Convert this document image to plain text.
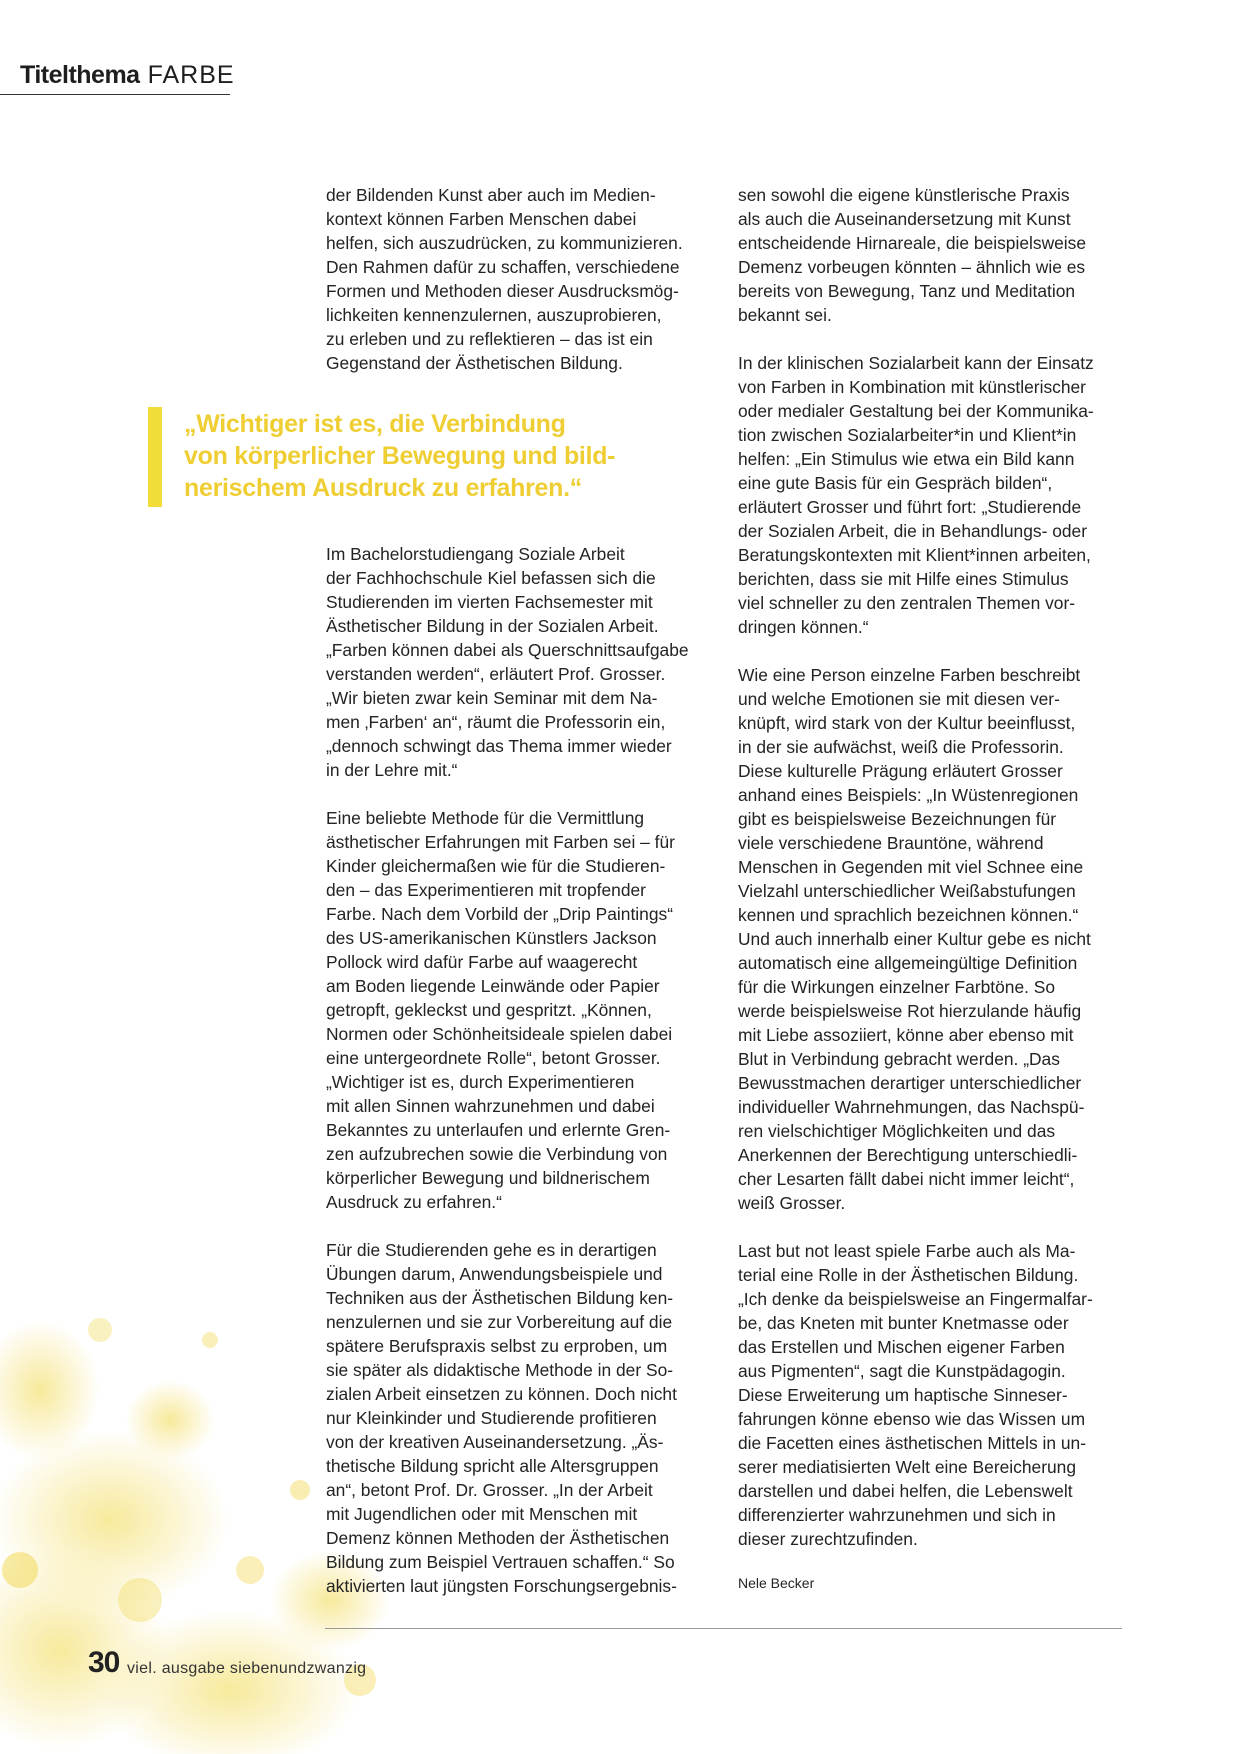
Titelthema FARBE

der Bildenden Kunst aber auch im Medien-
kontext können Farben Menschen dabei
helfen, sich auszudrücken, zu kommunizieren.
Den Rahmen dafür zu schaffen, verschiedene
Formen und Methoden dieser Ausdrucksmög-
lichkeiten kennenzulernen, auszuprobieren,
zu erleben und zu reflektieren – das ist ein
Gegenstand der Ästhetischen Bildung.

„Wichtiger ist es, die Verbindung
von körperlicher Bewegung und bild-
nerischem Ausdruck zu erfahren.“

Im Bachelorstudiengang Soziale Arbeit
der Fachhochschule Kiel befassen sich die
Studierenden im vierten Fachsemester mit
Ästhetischer Bildung in der Sozialen Arbeit.
„Farben können dabei als Querschnittsaufgabe
verstanden werden“, erläutert Prof. Grosser.
„Wir bieten zwar kein Seminar mit dem Na-
men ‚Farben‘ an“, räumt die Professorin ein,
„dennoch schwingt das Thema immer wieder
in der Lehre mit.“

Eine beliebte Methode für die Vermittlung
ästhetischer Erfahrungen mit Farben sei – für
Kinder gleichermaßen wie für die Studieren-
den – das Experimentieren mit tropfender
Farbe. Nach dem Vorbild der „Drip Paintings“
des US-amerikanischen Künstlers Jackson
Pollock wird dafür Farbe auf waagerecht
am Boden liegende Leinwände oder Papier
getropft, gekleckst und gespritzt. „Können,
Normen oder Schönheitsideale spielen dabei
eine untergeordnete Rolle“, betont Grosser.
„Wichtiger ist es, durch Experimentieren
mit allen Sinnen wahrzunehmen und dabei
Bekanntes zu unterlaufen und erlernte Gren-
zen aufzubrechen sowie die Verbindung von
körperlicher Bewegung und bildnerischem
Ausdruck zu erfahren.“

Für die Studierenden gehe es in derartigen
Übungen darum, Anwendungsbeispiele und
Techniken aus der Ästhetischen Bildung ken-
nenzulernen und sie zur Vorbereitung auf die
spätere Berufspraxis selbst zu erproben, um
sie später als didaktische Methode in der So-
zialen Arbeit einsetzen zu können. Doch nicht
nur Kleinkinder und Studierende profitieren
von der kreativen Auseinandersetzung. „Äs-
thetische Bildung spricht alle Altersgruppen
an“, betont Prof. Dr. Grosser. „In der Arbeit
mit Jugendlichen oder mit Menschen mit
Demenz können Methoden der Ästhetischen
Bildung zum Beispiel Vertrauen schaffen.“ So
aktivierten laut jüngsten Forschungsergebnis-

sen sowohl die eigene künstlerische Praxis
als auch die Auseinandersetzung mit Kunst
entscheidende Hirnareale, die beispielsweise
Demenz vorbeugen könnten – ähnlich wie es
bereits von Bewegung, Tanz und Meditation
bekannt sei.

In der klinischen Sozialarbeit kann der Einsatz
von Farben in Kombination mit künstlerischer
oder medialer Gestaltung bei der Kommunika-
tion zwischen Sozialarbeiter*in und Klient*in
helfen: „Ein Stimulus wie etwa ein Bild kann
eine gute Basis für ein Gespräch bilden“,
erläutert Grosser und führt fort: „Studierende
der Sozialen Arbeit, die in Behandlungs- oder
Beratungskontexten mit Klient*innen arbeiten,
berichten, dass sie mit Hilfe eines Stimulus
viel schneller zu den zentralen Themen vor-
dringen können.“

Wie eine Person einzelne Farben beschreibt
und welche Emotionen sie mit diesen ver-
knüpft, wird stark von der Kultur beeinflusst,
in der sie aufwächst, weiß die Professorin.
Diese kulturelle Prägung erläutert Grosser
anhand eines Beispiels: „In Wüstenregionen
gibt es beispielsweise Bezeichnungen für
viele verschiedene Brauntöne, während
Menschen in Gegenden mit viel Schnee eine
Vielzahl unterschiedlicher Weißabstufungen
kennen und sprachlich bezeichnen können.“
Und auch innerhalb einer Kultur gebe es nicht
automatisch eine allgemeingültige Definition
für die Wirkungen einzelner Farbtöne. So
werde beispielsweise Rot hierzulande häufig
mit Liebe assoziiert, könne aber ebenso mit
Blut in Verbindung gebracht werden. „Das
Bewusstmachen derartiger unterschiedlicher
individueller Wahrnehmungen, das Nachspü-
ren vielschichtiger Möglichkeiten und das
Anerkennen der Berechtigung unterschiedli-
cher Lesarten fällt dabei nicht immer leicht“,
weiß Grosser.

Last but not least spiele Farbe auch als Ma-
terial eine Rolle in der Ästhetischen Bildung.
„Ich denke da beispielsweise an Fingermalfar-
be, das Kneten mit bunter Knetmasse oder
das Erstellen und Mischen eigener Farben
aus Pigmenten“, sagt die Kunstpädagogin.
Diese Erweiterung um haptische Sinneser-
fahrungen könne ebenso wie das Wissen um
die Facetten eines ästhetischen Mittels in un-
serer mediatisierten Welt eine Bereicherung
darstellen und dabei helfen, die Lebenswelt
differenzierter wahrzunehmen und sich in
dieser zurechtzufinden.

Nele Becker
30 viel. ausgabe siebenundzwanzig
